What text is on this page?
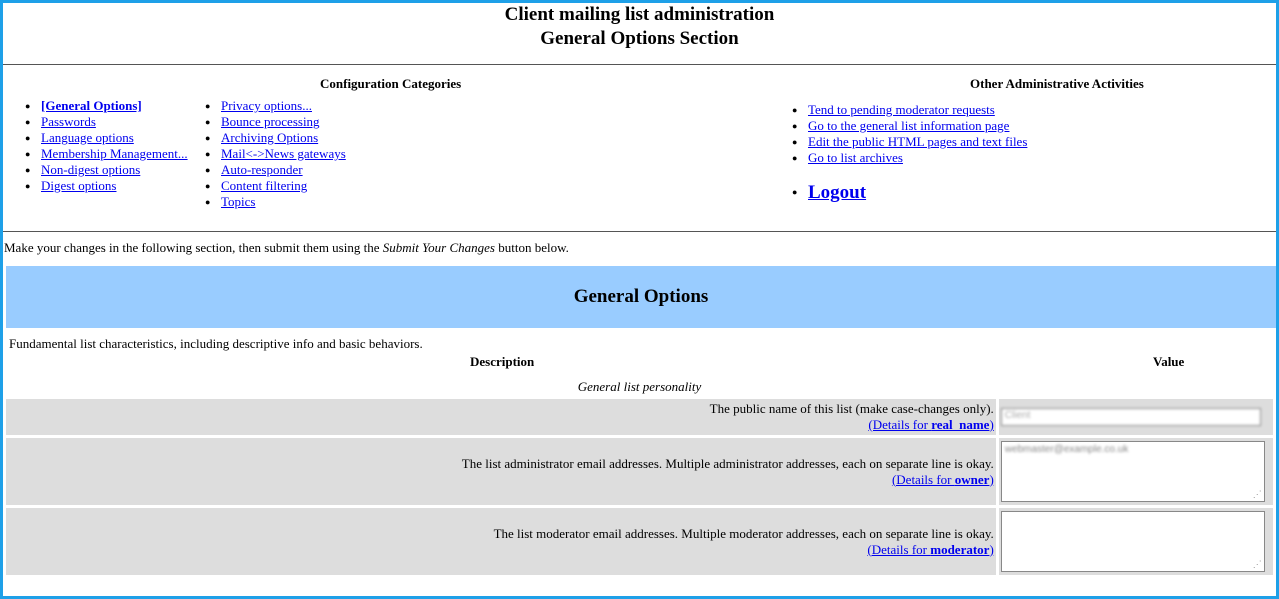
Client mailing list administration
General Options Section
Configuration Categories
● [General Options]
● Passwords
● Language options
● Membership Management...
● Non-digest options
● Digest options
● Privacy options...
● Bounce processing
● Archiving Options
● Mail<->News gateways
● Auto-responder
● Content filtering
● Topics
Other Administrative Activities
● Tend to pending moderator requests
● Go to the general list information page
● Edit the public HTML pages and text files
● Go to list archives
● Logout
Make your changes in the following section, then submit them using the Submit Your Changes button below.
General Options
Fundamental list characteristics, including descriptive info and basic behaviors.
Description	Value
General list personality
The public name of this list (make case-changes only).
(Details for real_name)	Client

The list administrator email addresses. Multiple administrator addresses, each on separate line is okay.
(Details for owner)	webmaster@example.co.uk
⋰

The list moderator email addresses. Multiple moderator addresses, each on separate line is okay.
(Details for moderator)	⋰
